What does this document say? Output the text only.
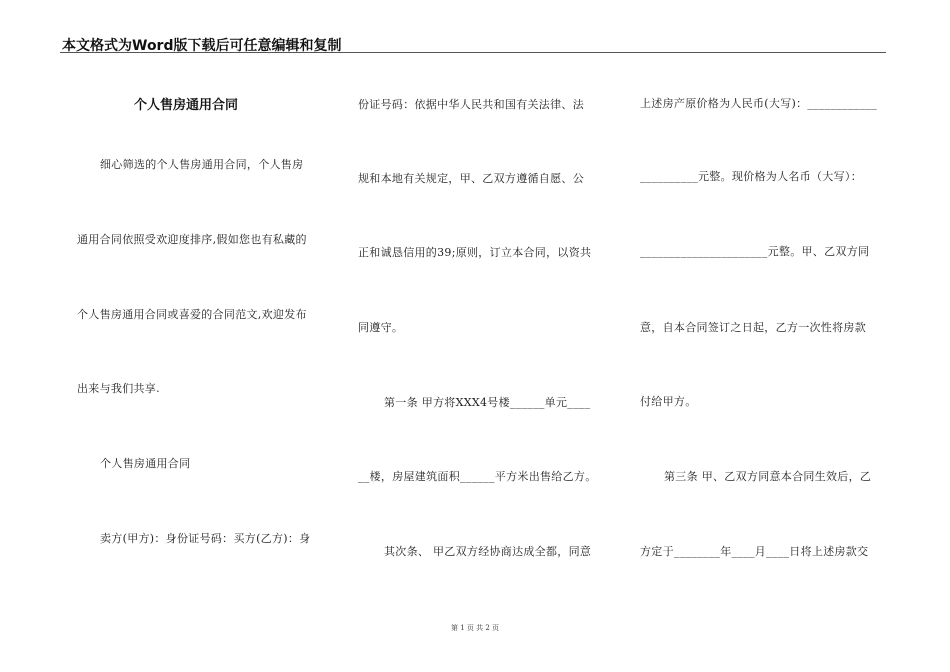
本文格式为Word版下载后可任意编辑和复制
个人售房通用合同
细心筛选的个人售房通用合同，个人售房
通用合同依照受欢迎度排序,假如您也有私藏的
个人售房通用合同或喜爱的合同范文,欢迎发布
出来与我们共享.
个人售房通用合同
卖方(甲方)：身份证号码：买方(乙方)：身
份证号码：依据中华人民共和国有关法律、法
规和本地有关规定，甲、乙双方遵循自愿、公
正和诚恳信用的39;原则，订立本合同，以资共
同遵守。
第一条 甲方将XXX4号楼______单元____
__楼，房屋建筑面积______平方米出售给乙方。
其次条、 甲乙双方经协商达成全都，同意
上述房产原价格为人民币(大写)：____________
__________元整。现价格为人名币（大写）：
______________________元整。甲、乙双方同
意，自本合同签订之日起，乙方一次性将房款
付给甲方。
第三条 甲、乙双方同意本合同生效后，乙
方定于________年____月____日将上述房款交
第 1 页 共 2 页
